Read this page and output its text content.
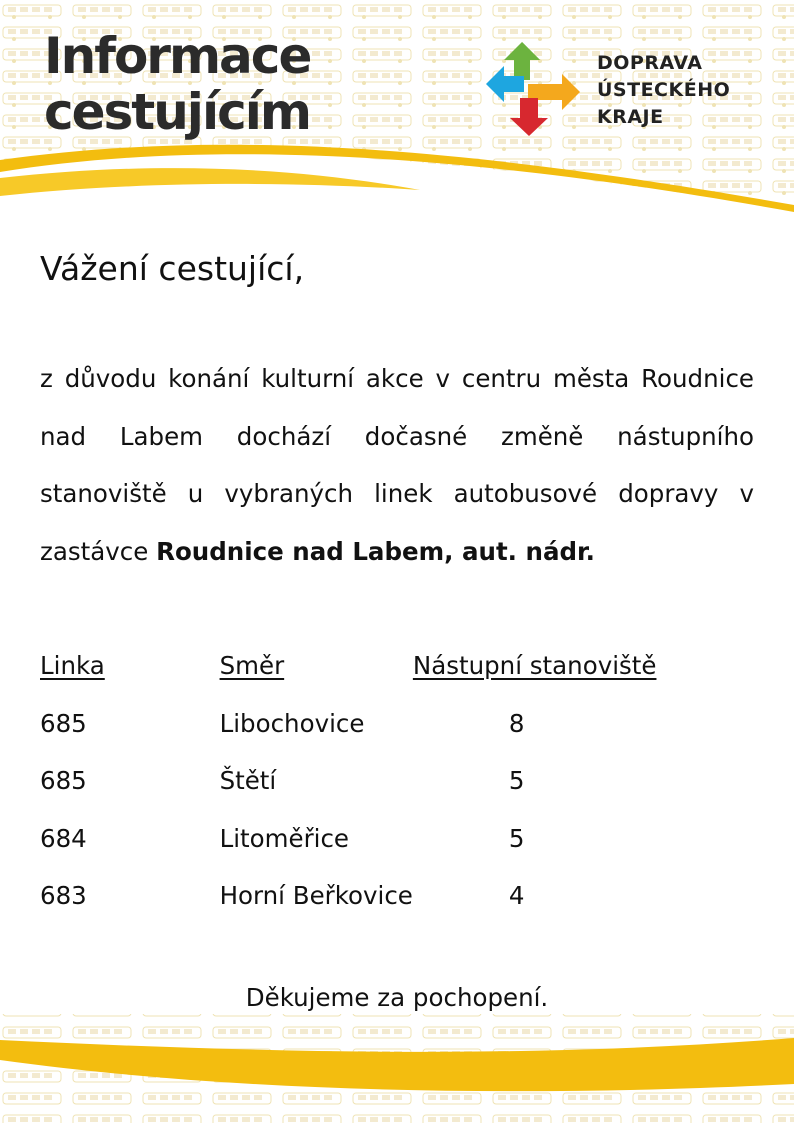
Informace
cestujícím
DOPRAVA
ÚSTECKÉHO
KRAJE
Vážení cestující,
z důvodu konání kulturní akce v centru města Roudnice nad Labem dochází dočasné změně nástupního stanoviště u vybraných linek autobusové dopravy v zastávce Roudnice nad Labem, aut. nádr.
Linka	Směr	Nástupní stanoviště
685	Libochovice	8
685	Štětí	5
684	Litoměřice	5
683	Horní Beřkovice	4
Děkujeme za pochopení.
